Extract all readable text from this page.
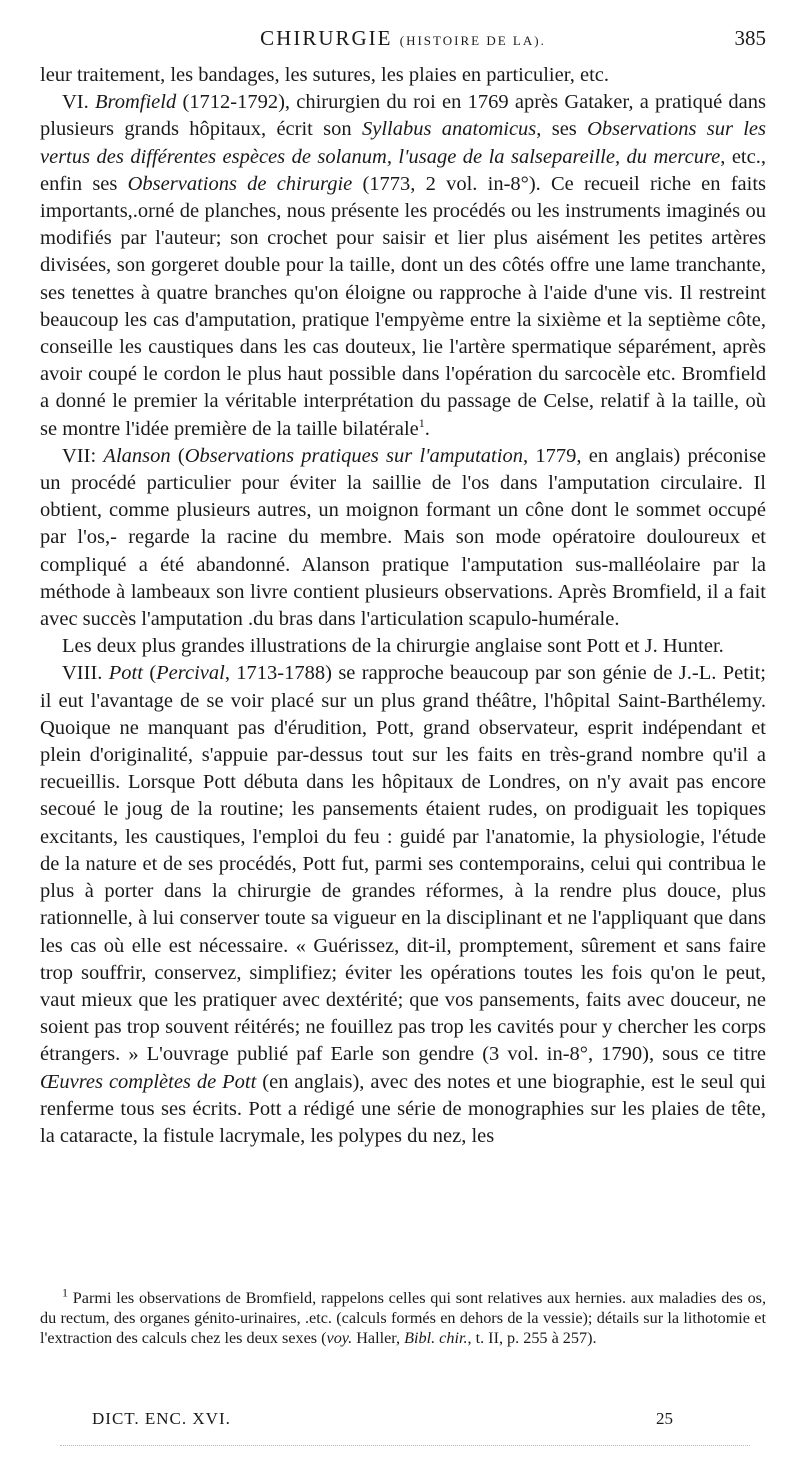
CHIRURGIE (HISTOIRE DE LA).	385

leur traitement, les bandages, les sutures, les plaies en particulier, etc.

VI. Bromfield (1712-1792), chirurgien du roi en 1769 après Gataker, a pratiqué dans plusieurs grands hôpitaux, écrit son Syllabus anatomicus, ses Observations sur les vertus des différentes espèces de solanum, l'usage de la salsepareille, du mercure, etc., enfin ses Observations de chirurgie (1773, 2 vol. in-8°). Ce recueil riche en faits importants,.orné de planches, nous présente les procédés ou les instruments imaginés ou modifiés par l'auteur; son crochet pour saisir et lier plus aisément les petites artères divisées, son gorgeret double pour la taille, dont un des côtés offre une lame tranchante, ses tenettes à quatre branches qu'on éloigne ou rapproche à l'aide d'une vis. Il restreint beaucoup les cas d'amputation, pratique l'empyème entre la sixième et la septième côte, conseille les caustiques dans les cas douteux, lie l'artère spermatique séparément, après avoir coupé le cordon le plus haut possible dans l'opération du sarcocèle etc. Bromfield a donné le premier la véritable interprétation du passage de Celse, relatif à la taille, où se montre l'idée première de la taille bilatérale$^1$.

VII: Alanson (Observations pratiques sur l'amputation, 1779, en anglais) préconise un procédé particulier pour éviter la saillie de l'os dans l'amputation circulaire. Il obtient, comme plusieurs autres, un moignon formant un cône dont le sommet occupé par l'os,- regarde la racine du membre. Mais son mode opératoire douloureux et compliqué a été abandonné. Alanson pratique l'amputation sus-malléolaire par la méthode à lambeaux son livre contient plusieurs observations. Après Bromfield, il a fait avec succès l'amputation .du bras dans l'articulation scapulo-humérale.

Les deux plus grandes illustrations de la chirurgie anglaise sont Pott et J. Hunter.

VIII. Pott (Percival, 1713-1788) se rapproche beaucoup par son génie de J.-L. Petit; il eut l'avantage de se voir placé sur un plus grand théâtre, l'hôpital Saint-Barthélemy. Quoique ne manquant pas d'érudition, Pott, grand observateur, esprit indépendant et plein d'originalité, s'appuie par-dessus tout sur les faits en très-grand nombre qu'il a recueillis. Lorsque Pott débuta dans les hôpitaux de Londres, on n'y avait pas encore secoué le joug de la routine; les pansements étaient rudes, on prodiguait les topiques excitants, les caustiques, l'emploi du feu : guidé par l'anatomie, la physiologie, l'étude de la nature et de ses procédés, Pott fut, parmi ses contemporains, celui qui contribua le plus à porter dans la chirurgie de grandes réformes, à la rendre plus douce, plus rationnelle, à lui conserver toute sa vigueur en la disciplinant et ne l'appliquant que dans les cas où elle est nécessaire. « Guérissez, dit-il, promptement, sûrement et sans faire trop souffrir, conservez, simplifiez; éviter les opérations toutes les fois qu'on le peut, vaut mieux que les pratiquer avec dextérité; que vos pansements, faits avec douceur, ne soient pas trop souvent réitérés; ne fouillez pas trop les cavités pour y chercher les corps étrangers. » L'ouvrage publié paf Earle son gendre (3 vol. in-8°, 1790), sous ce titre Œuvres complètes de Pott (en anglais), avec des notes et une biographie, est le seul qui renferme tous ses écrits. Pott a rédigé une série de monographies sur les plaies de tête, la cataracte, la fistule lacrymale, les polypes du nez, les

$^1$ Parmi les observations de Bromfield, rappelons celles qui sont relatives aux hernies. aux maladies des os, du rectum, des organes génito-urinaires, .etc. (calculs formés en dehors de la vessie); détails sur la lithotomie et l'extraction des calculs chez les deux sexes (voy. Haller, Bibl. chir., t. II, p. 255 à 257).

DICT. ENC. XVI.	25
